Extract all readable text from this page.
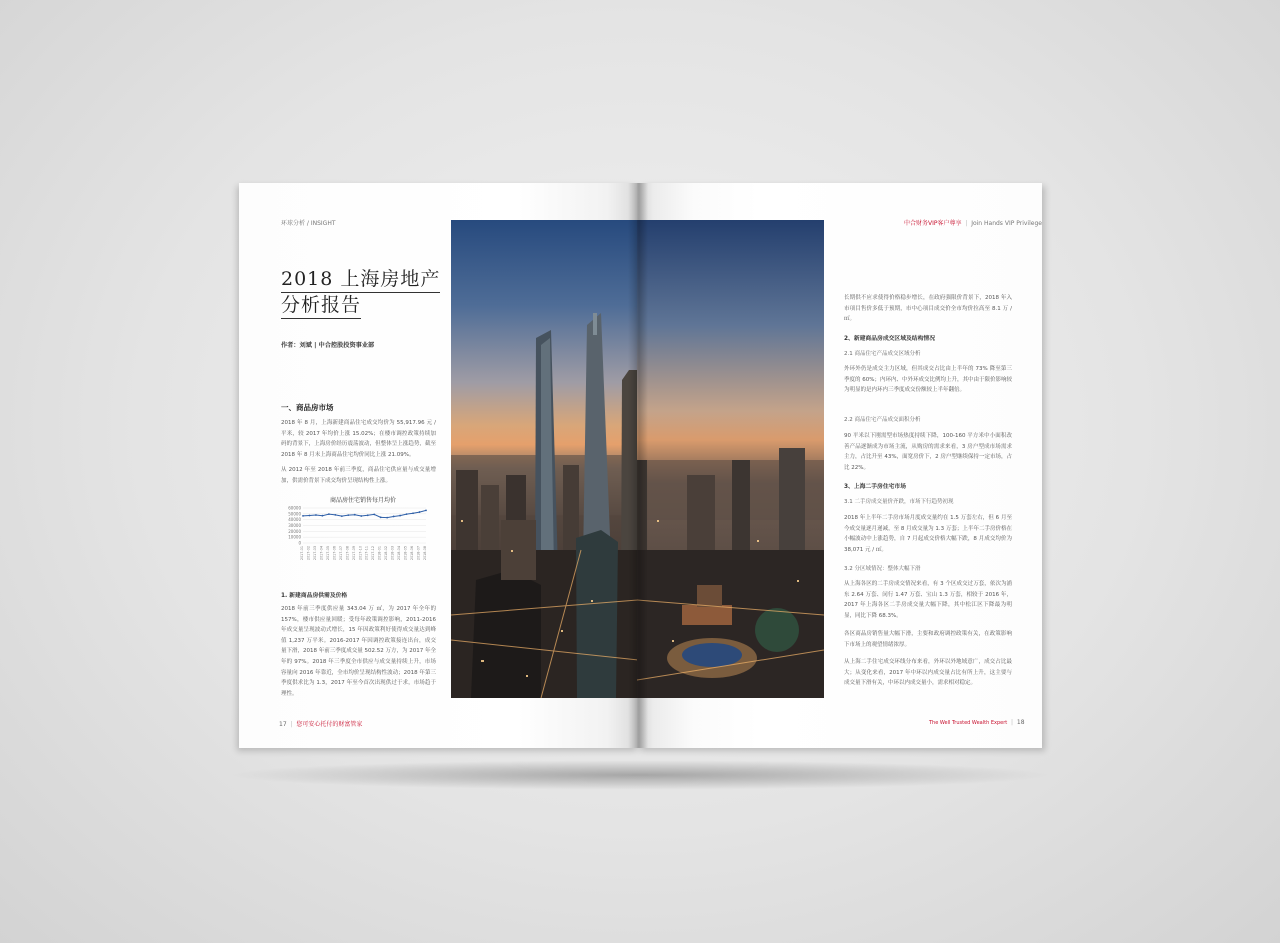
环球分析 / INSIGHT
2018 上海房地产
分析报告
作者：刘斌 | 中合控股投资事业部
一、商品房市场
2018 年 8 月，上海新建商品住宅成交均价为 55,917.96 元 / 平米，较 2017 年均价上涨 15.02%；在楼市调控政策持续加码的背景下，上海房价经历震荡波动，但整体呈上涨趋势，截至 2018 年 8 月末上海商品住宅均价同比上涨 21.09%。
从 2012 年至 2018 年前三季度，商品住宅供应量与成交量增加，供需价背景下成交均价呈现结构性上涨。
商品房住宅销售每月均价
60000
50000
40000
30000
20000
10000
0
2017-01 2017-02 2017-03 2017-04 2017-05 2017-06 2017-07 2017-08 2017-09 2017-10 2017-11 2017-12 2018-01 2018-02 2018-03 2018-04 2018-05 2018-06 2018-07 2018-08
1. 新建商品房供需及价格
2018 年前三季度供应量 343.04 万 ㎡，为 2017 年全年的 157%，楼市供应量回暖；受每年政策调控影响，2011-2016 年成交量呈现波动式增长，15 年因政策利好使得成交量达到峰值 1,237 万平米。2016-2017 年因调控政策接连出台，成交量下滑，2018 年前三季度成交量 502.52 万方，为 2017 年全年的 97%。2018 年三季度全市供应与成交量持续上升，市场容量向 2016 年靠近，全市均价呈现结构性波动；2018 年第三季度供求比为 1.3，2017 年至今首次出现供过于求，市场趋于理性。
17  |  您可安心托付的财富管家
中合财务VIP客户尊享  |  Join Hands VIP Privilege
长期供不应求使得价格稳步增长，在政府强限价背景下，2018 年入市项目售价多低于预期，市中心项目成交价全市均价拉高至 8.1 万 / ㎡。
2、新建商品房成交区域及结构情况
2.1 商品住宅产品成交区域分析
外环外仍是成交主力区域，但其成交占比由上半年的 73% 降至第三季度的 60%；内环内、中外环成交比例均上升，其中由于限价影响较为明显的是内环内三季度成交份额较上半年翻倍。
2.2 商品住宅产品成交面积分析
90 平米以下刚需型市场热度持续下降，100-160 平方米中小面积改善产品逐渐成为市场主流，从购房的需求来看，3 房户型成市场需求主力，占比升至 43%，面宽房价下，2 房户型继续保持一定市场，占比 22%。
3、上海二手房住宅市场
3.1 二手房成交量价齐跌，市场下行趋势初现
2018 年上半年二手房市场月度成交量约在 1.5 万套左右，但 6 月至今成交量逐月递减，至 8 月成交量为 1.3 万套；上半年二手房价格在小幅波动中上涨趋势，自 7 月起成交价格大幅下跌，8 月成交均价为 38,071 元 / ㎡。
3.2 分区域情况：整体大幅下滑
从上海各区的二手房成交情况来看，有 3 个区成交过万套，依次为浦东 2.64 万套、闵行 1.47 万套、宝山 1.3 万套，相较于 2016 年，2017 年上海各区二手房成交量大幅下降，其中松江区下降最为明显，同比下降 68.3%。
各区商品房销售量大幅下滑，主要和政府调控政策有关，在政策影响下市场上的观望情绪浓厚。
从上海二手住宅成交环线分布来看，外环以外地域意广，成交占比最大；从变化来看，2017 年中环以内成交量占比有所上升，这主要与成交量下滑有关，中环以内成交量小，需求相对稳定。
The Well Trusted Wealth Expert  |  18
